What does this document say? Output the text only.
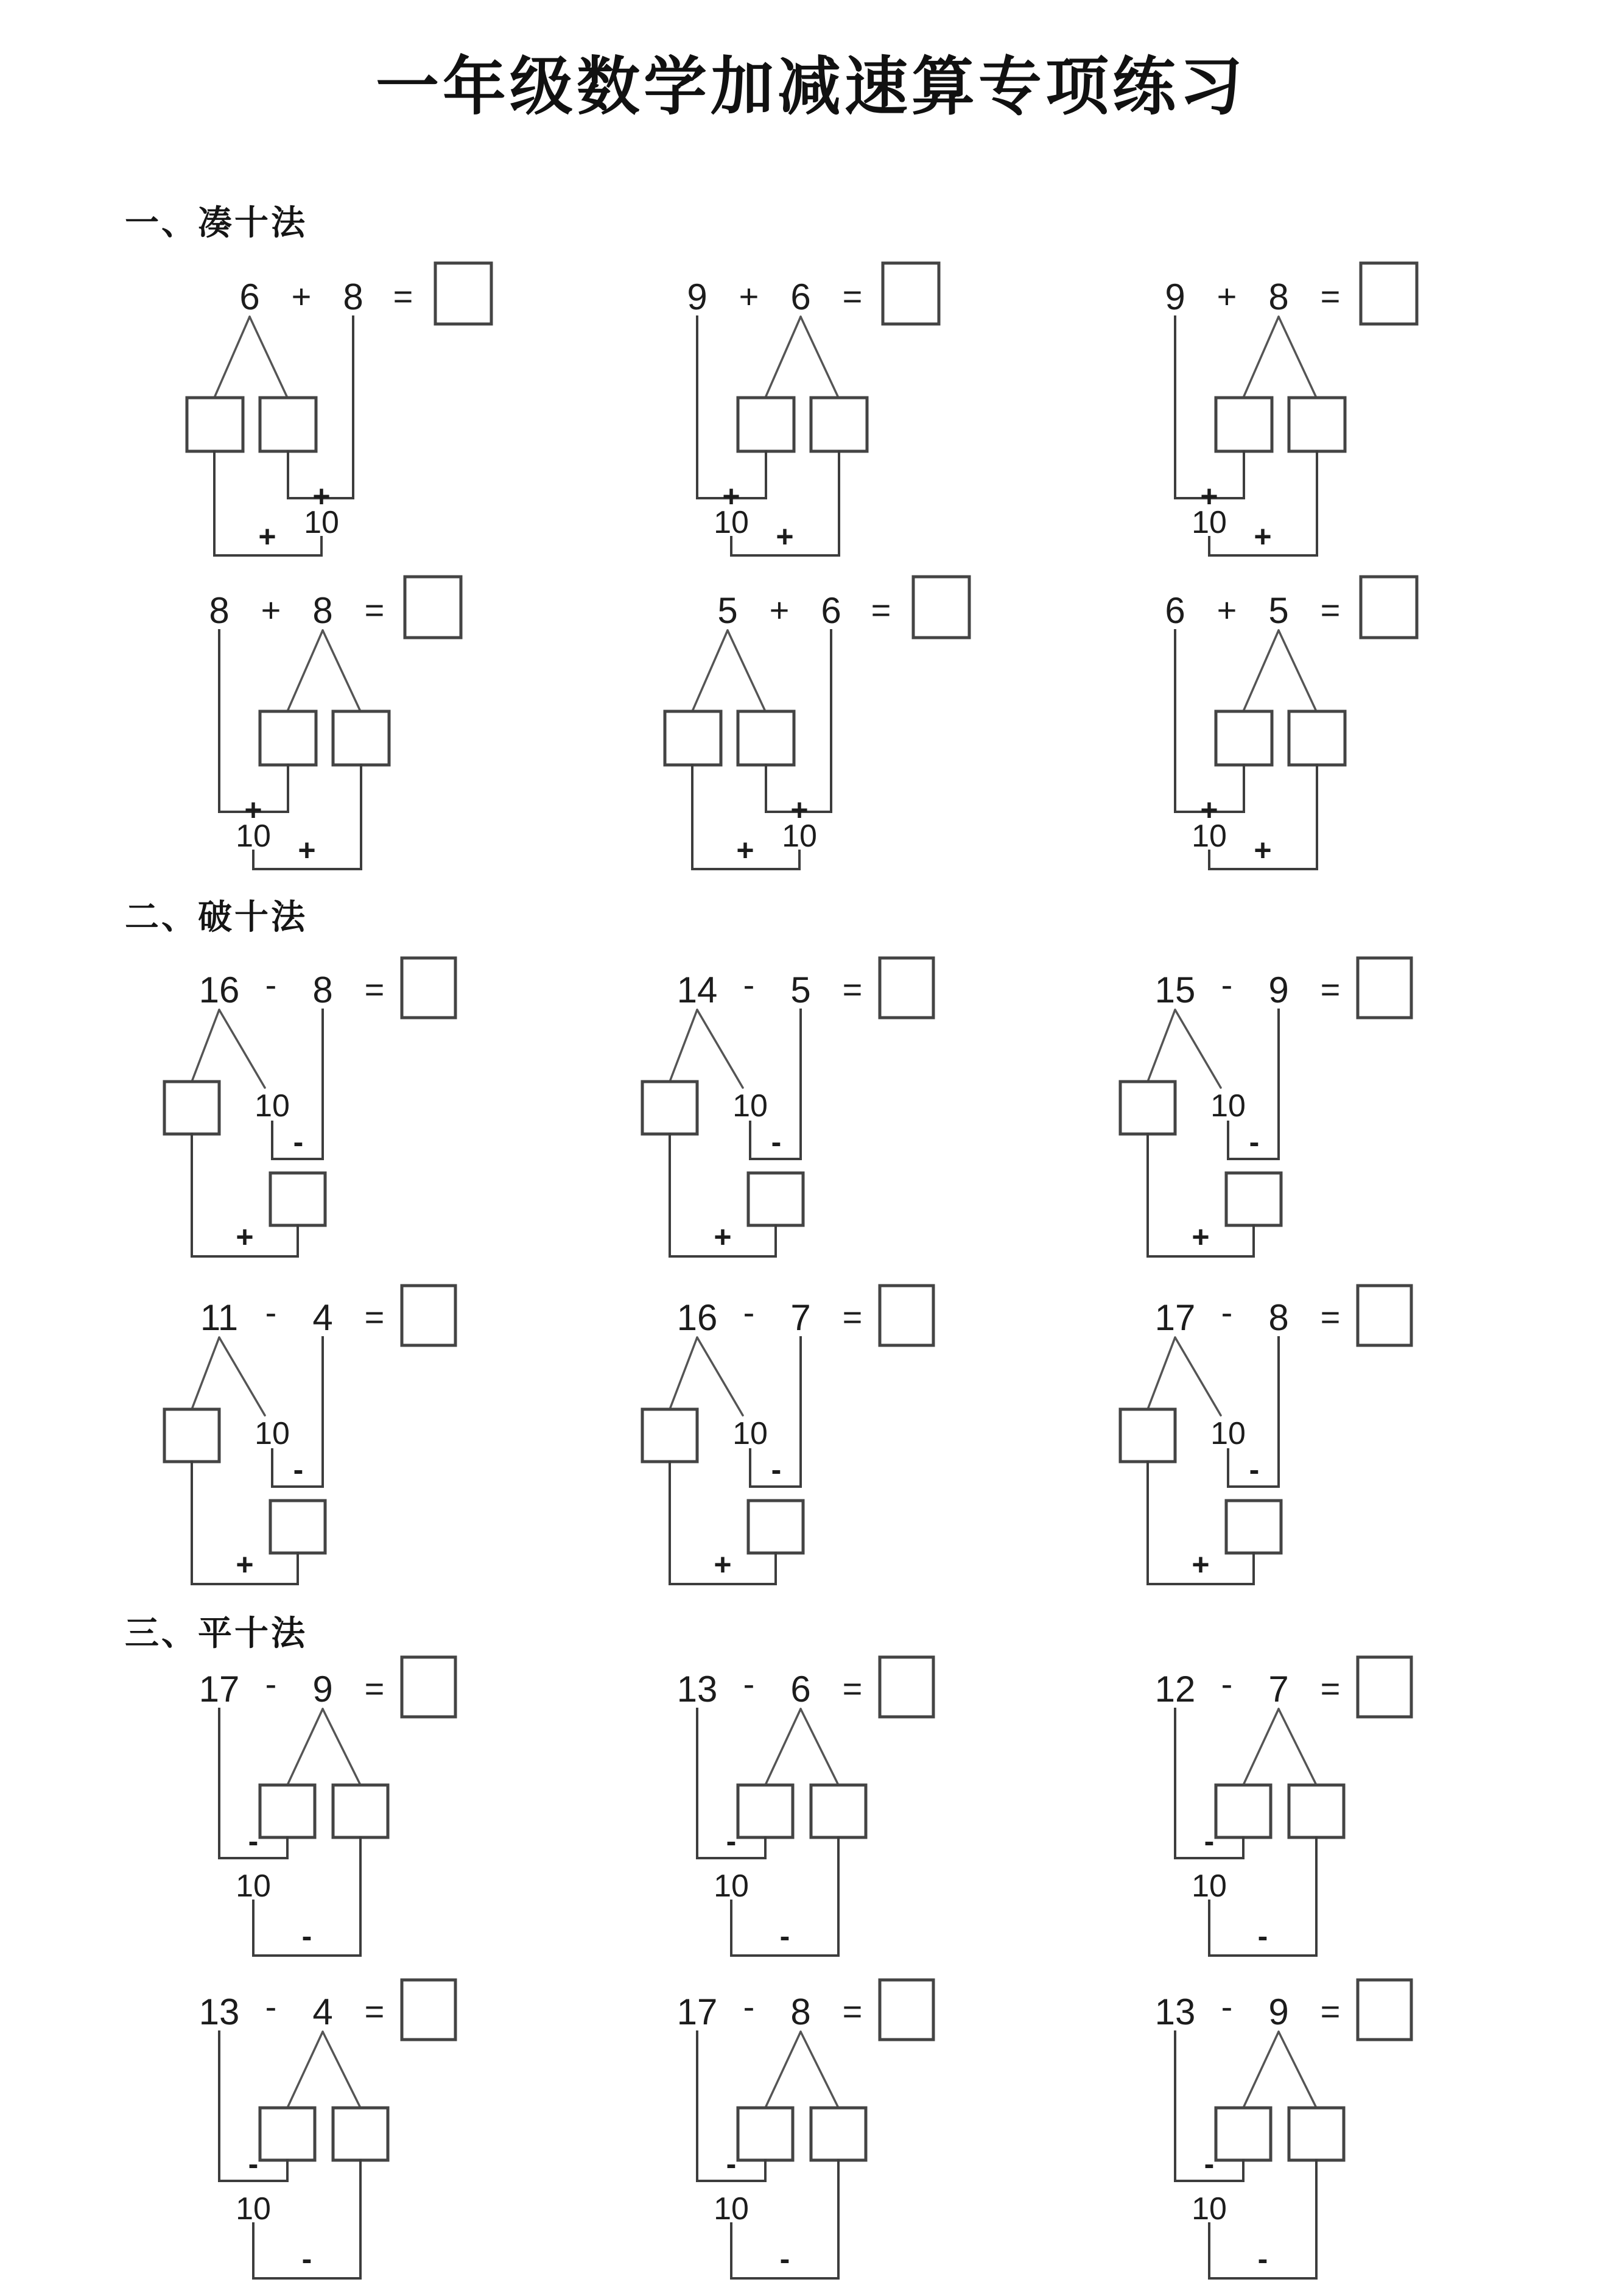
一年级数学加减速算专项练习
一、凑十法
6 + 8 =
+
10
+
9 + 6 =
+
10 +
9 + 8 =
+
10 +
8 + 8 =
+
10 +
5 + 6 =
+
10
+
6 + 5 =
+
10 +
二、破十法
16 - 8 =
10
-
+
14 - 5 =
10
-
+
15 - 9 =
10
-
+
11 - 4 =
10
-
+
16 - 7 =
10
-
+
17 - 8 =
10
-
+
三、平十法
17 - 9 =
-
10
-
13 - 6 =
-
10
-
12 - 7 =
-
10
-
13 - 4 =
-
10
-
17 - 8 =
-
10
-
13 - 9 =
-
10
-
